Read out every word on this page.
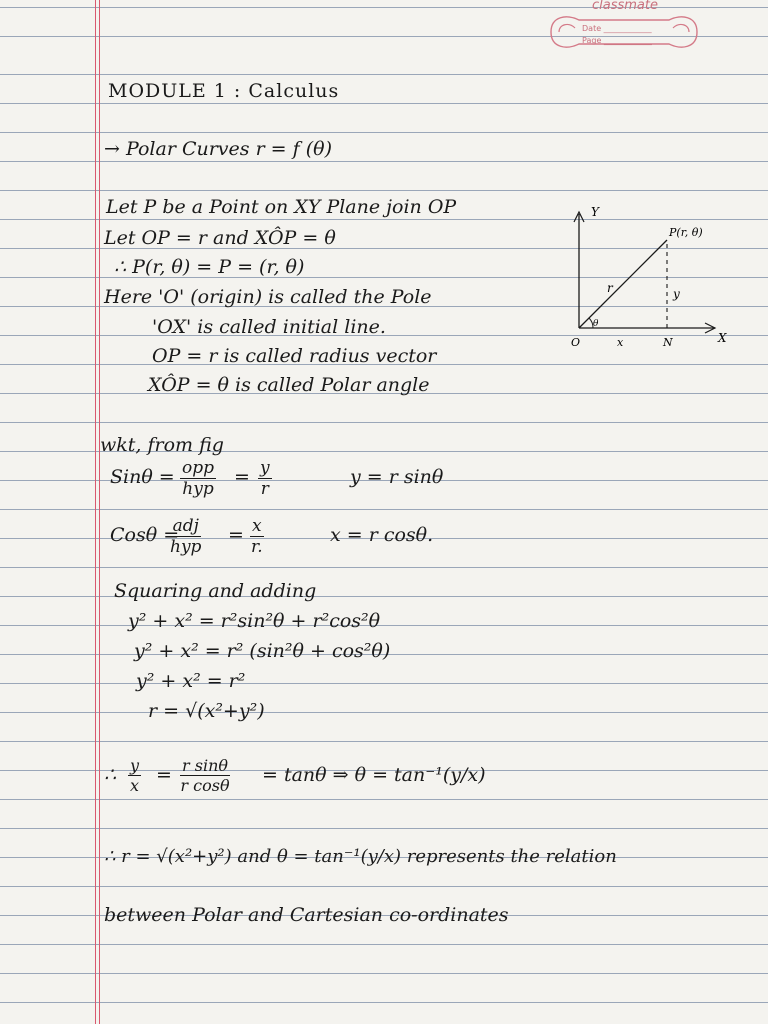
classmate
Date ____________
Page ____________
MODULE 1 : Calculus
→ Polar Curves r = f (θ)
Let P be a Point on XY Plane join OP
Let OP = r and XÔP = θ
∴ P(r, θ) = P = (r, θ)
Here 'O' (origin) is called the Pole
'OX' is called initial line.
OP = r is called radius vector
XÔP = θ is called Polar angle
Y
X
O	N
P(r, θ)
r
θ
x
y
wkt, from fig
Sinθ = opp
hyp
= $\frac{y}{r}$	y = r sinθ
Cosθ =
adj
hyp
= $\frac{x}{r.}$	x = r cosθ.
Squaring and adding
y² + x² = r²sin²θ + r²cos²θ
y² + x² = r² (sin²θ + cos²θ)
y² + x² = r²
r = √(x²+y²)
∴ $\frac{y}{x} = \frac{\text{r sinθ}}{\text{r cosθ}} = \tan\theta$ ⇒ θ = tan⁻¹(y/x)
∴ r = √(x²+y²) and θ = tan⁻¹(y/x) represents the relation
between Polar and Cartesian co-ordinates
